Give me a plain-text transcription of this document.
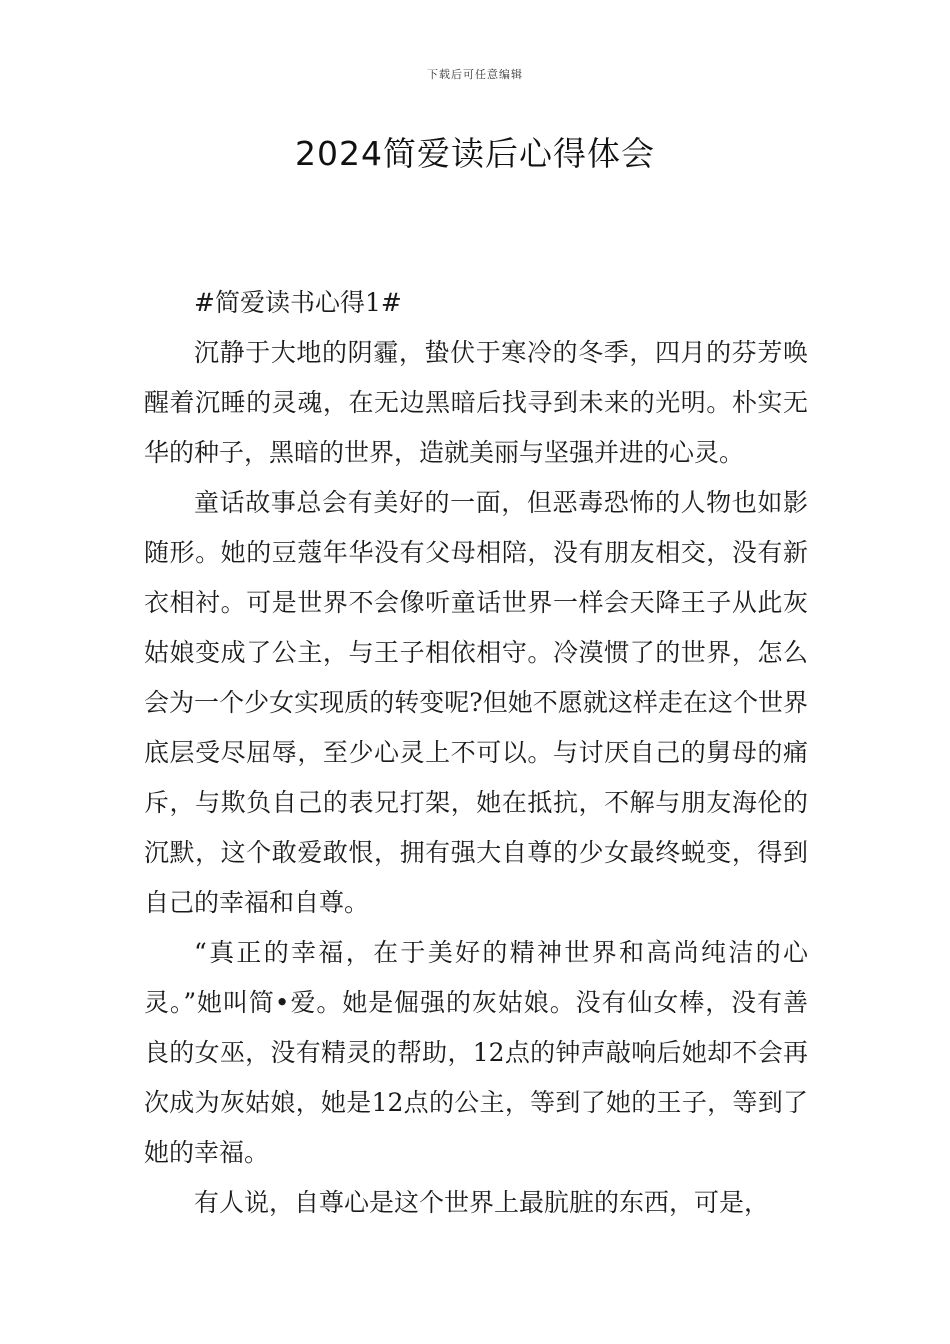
下载后可任意编辑
2024简爱读后心得体会

#简爱读书心得1#

沉静于大地的阴霾，蛰伏于寒冷的冬季，四月的芬芳唤醒着沉睡的灵魂，在无边黑暗后找寻到未来的光明。朴实无华的种子，黑暗的世界，造就美丽与坚强并进的心灵。

童话故事总会有美好的一面，但恶毒恐怖的人物也如影随形。她的豆蔻年华没有父母相陪，没有朋友相交，没有新衣相衬。可是世界不会像听童话世界一样会天降王子从此灰姑娘变成了公主，与王子相依相守。冷漠惯了的世界，怎么会为一个少女实现质的转变呢?但她不愿就这样走在这个世界底层受尽屈辱，至少心灵上不可以。与讨厌自己的舅母的痛斥，与欺负自己的表兄打架，她在抵抗，不解与朋友海伦的沉默，这个敢爱敢恨，拥有强大自尊的少女最终蜕变，得到自己的幸福和自尊。

“真正的幸福，在于美好的精神世界和高尚纯洁的心灵。”她叫简•爱。她是倔强的灰姑娘。没有仙女棒，没有善良的女巫，没有精灵的帮助，12点的钟声敲响后她却不会再次成为灰姑娘，她是12点的公主，等到了她的王子，等到了她的幸福。

有人说，自尊心是这个世界上最肮脏的东西，可是，
